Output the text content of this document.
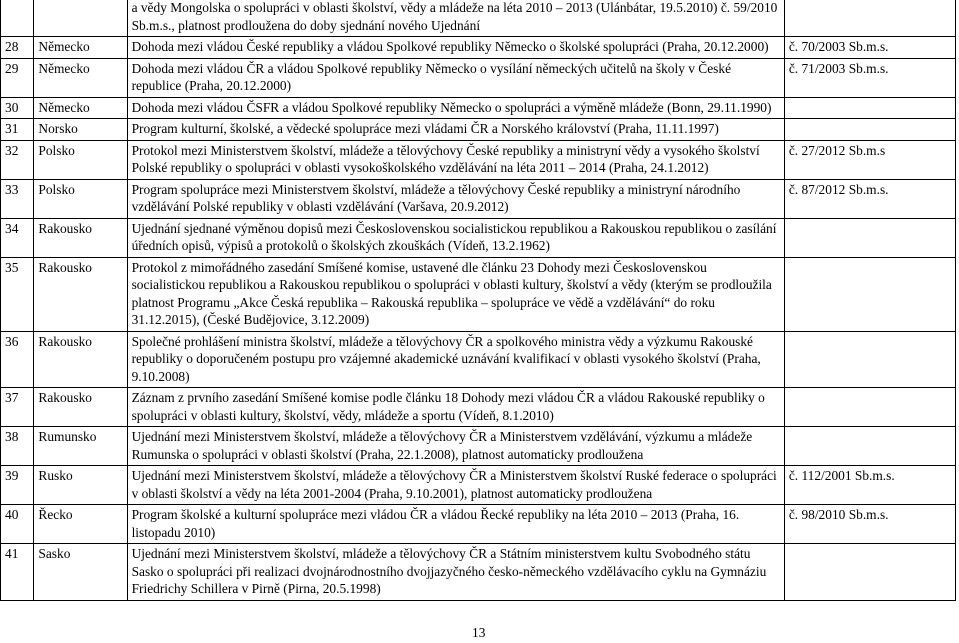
		a vědy Mongolska o spolupráci v oblasti školství, vědy a mládeže na léta 2010 – 2013 (Ulánbátar, 19.5.2010) č. 59/2010 Sb.m.s., platnost prodloužena do doby sjednání nového Ujednání	
28	Německo	Dohoda mezi vládou České republiky a vládou Spolkové republiky Německo o školské spolupráci (Praha, 20.12.2000)	č. 70/2003 Sb.m.s.
29	Německo	Dohoda mezi vládou ČR a vládou Spolkové republiky Německo o vysílání německých učitelů na školy v České republice (Praha, 20.12.2000)	č. 71/2003 Sb.m.s.
30	Německo	Dohoda mezi vládou ČSFR a vládou Spolkové republiky Německo o spolupráci a výměně mládeže (Bonn, 29.11.1990)	
31	Norsko	Program kulturní, školské, a vědecké spolupráce mezi vládami ČR a Norského království (Praha, 11.11.1997)	
32	Polsko	Protokol mezi Ministerstvem školství, mládeže a tělovýchovy České republiky a ministryní vědy a vysokého školství Polské republiky o spolupráci v oblasti vysokoškolského vzdělávání na léta 2011 – 2014 (Praha, 24.1.2012)	č. 27/2012 Sb.m.s
33	Polsko	Program spolupráce mezi Ministerstvem školství, mládeže a tělovýchovy České republiky a ministryní národního vzdělávání Polské republiky v oblasti vzdělávání (Varšava, 20.9.2012)	č. 87/2012 Sb.m.s.
34	Rakousko	Ujednání sjednané výměnou dopisů mezi Československou socialistickou republikou a Rakouskou republikou o zasílání úředních opisů, výpisů a protokolů o školských zkouškách (Vídeň, 13.2.1962)	
35	Rakousko	Protokol z mimořádného zasedání Smíšené komise, ustavené dle článku 23 Dohody mezi Československou socialistickou republikou a Rakouskou republikou o spolupráci v oblasti kultury, školství a vědy (kterým se prodloužila platnost Programu „Akce Česká republika – Rakouská republika – spolupráce ve vědě a vzdělávání“ do roku 31.12.2015), (České Budějovice, 3.12.2009)	
36	Rakousko	Společné prohlášení ministra školství, mládeže a tělovýchovy ČR a spolkového ministra vědy a výzkumu Rakouské republiky o doporučeném postupu pro vzájemné akademické uznávání kvalifikací v oblasti vysokého školství (Praha, 9.10.2008)	
37	Rakousko	Záznam z prvního zasedání Smíšené komise podle článku 18 Dohody mezi vládou ČR a vládou Rakouské republiky o spolupráci v oblasti kultury, školství, vědy, mládeže a sportu (Vídeň, 8.1.2010)	
38	Rumunsko	Ujednání mezi Ministerstvem školství, mládeže a tělovýchovy ČR a Ministerstvem vzdělávání, výzkumu a mládeže Rumunska o spolupráci v oblasti školství (Praha, 22.1.2008), platnost automaticky prodloužena	
39	Rusko	Ujednání mezi Ministerstvem školství, mládeže a tělovýchovy ČR a Ministerstvem školství Ruské federace o spolupráci v oblasti školství a vědy na léta 2001-2004 (Praha, 9.10.2001), platnost automaticky prodloužena	č. 112/2001 Sb.m.s.
40	Řecko	Program školské a kulturní spolupráce mezi vládou ČR a vládou Řecké republiky na léta 2010 – 2013 (Praha, 16. listopadu 2010)	č. 98/2010 Sb.m.s.
41	Sasko	Ujednání mezi Ministerstvem školství, mládeže a tělovýchovy ČR a Státním ministerstvem kultu Svobodného státu Sasko o spolupráci při realizaci dvojnárodnostního dvojjazyčného česko-německého vzdělávacího cyklu na Gymnáziu Friedrichy Schillera v Pirně (Pirna, 20.5.1998)	
13
